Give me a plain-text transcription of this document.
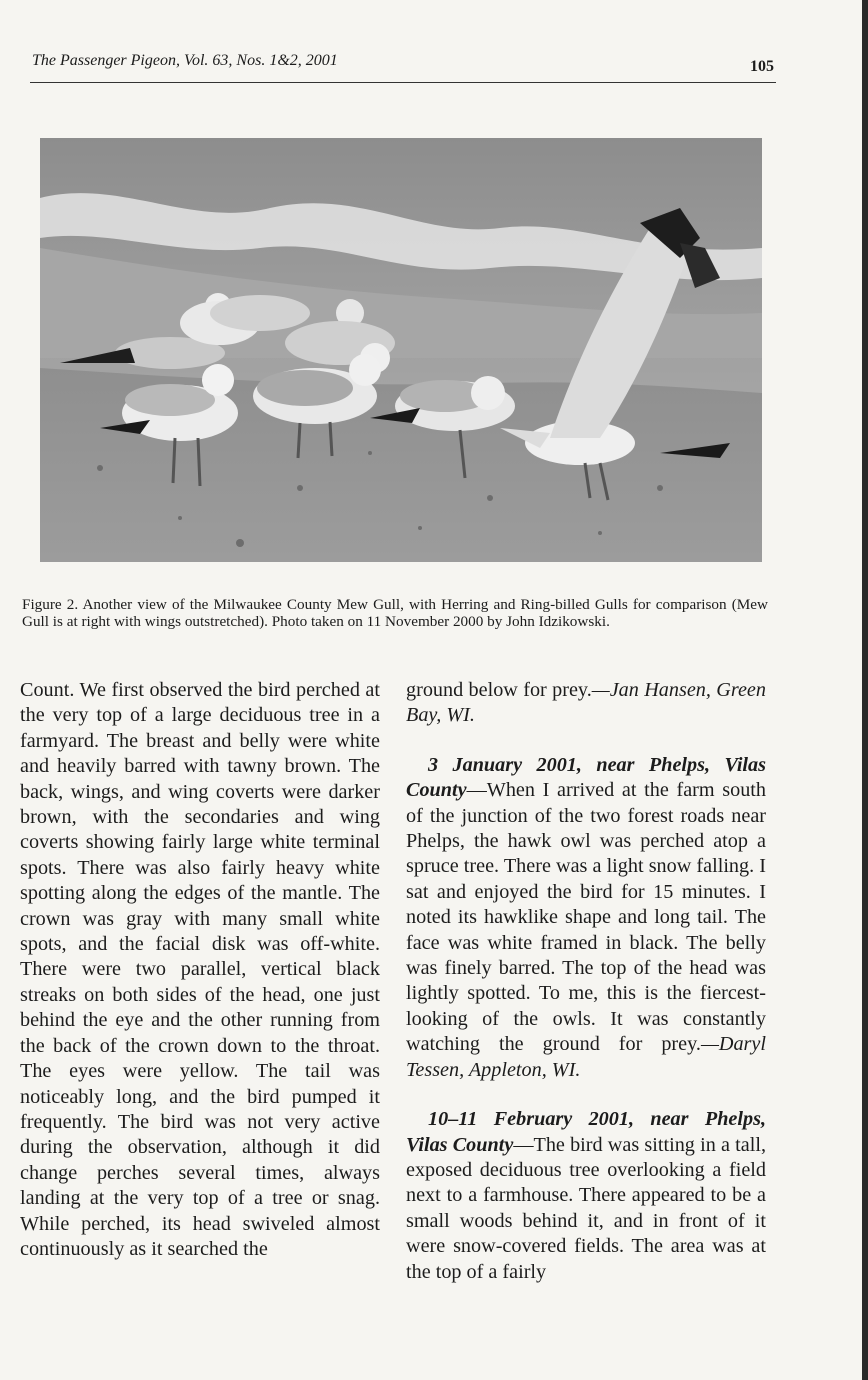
The Passenger Pigeon, Vol. 63, Nos. 1&2, 2001	105
Figure 2. Another view of the Milwaukee County Mew Gull, with Herring and Ring-billed Gulls for comparison (Mew Gull is at right with wings outstretched). Photo taken on 11 November 2000 by John Idzikowski.

Count. We first observed the bird perched at the very top of a large deciduous tree in a farmyard. The breast and belly were white and heavily barred with tawny brown. The back, wings, and wing coverts were darker brown, with the secondaries and wing coverts showing fairly large white terminal spots. There was also fairly heavy white spotting along the edges of the mantle. The crown was gray with many small white spots, and the facial disk was off-white. There were two parallel, vertical black streaks on both sides of the head, one just behind the eye and the other running from the back of the crown down to the throat. The eyes were yellow. The tail was noticeably long, and the bird pumped it frequently. The bird was not very active during the observation, although it did change perches several times, always landing at the very top of a tree or snag. While perched, its head swiveled almost continuously as it searched the

ground below for prey.—Jan Hansen, Green Bay, WI.

3 January 2001, near Phelps, Vilas County—When I arrived at the farm south of the junction of the two forest roads near Phelps, the hawk owl was perched atop a spruce tree. There was a light snow falling. I sat and enjoyed the bird for 15 minutes. I noted its hawklike shape and long tail. The face was white framed in black. The belly was finely barred. The top of the head was lightly spotted. To me, this is the fiercest-looking of the owls. It was constantly watching the ground for prey.—Daryl Tessen, Appleton, WI.

10–11 February 2001, near Phelps, Vilas County—The bird was sitting in a tall, exposed deciduous tree overlooking a field next to a farmhouse. There appeared to be a small woods behind it, and in front of it were snow-covered fields. The area was at the top of a fairly
